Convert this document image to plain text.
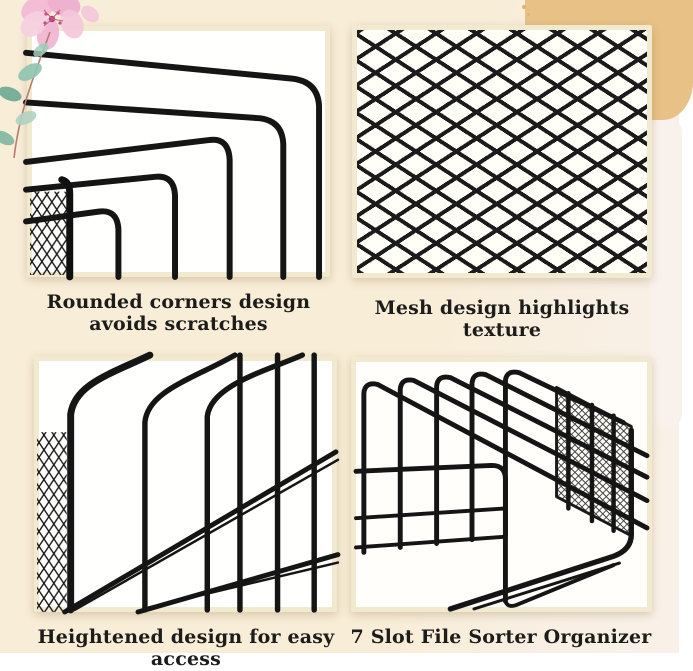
Rounded corners design
avoids scratches
Mesh design highlights texture
Heightened design for easy access
7 Slot File Sorter Organizer
